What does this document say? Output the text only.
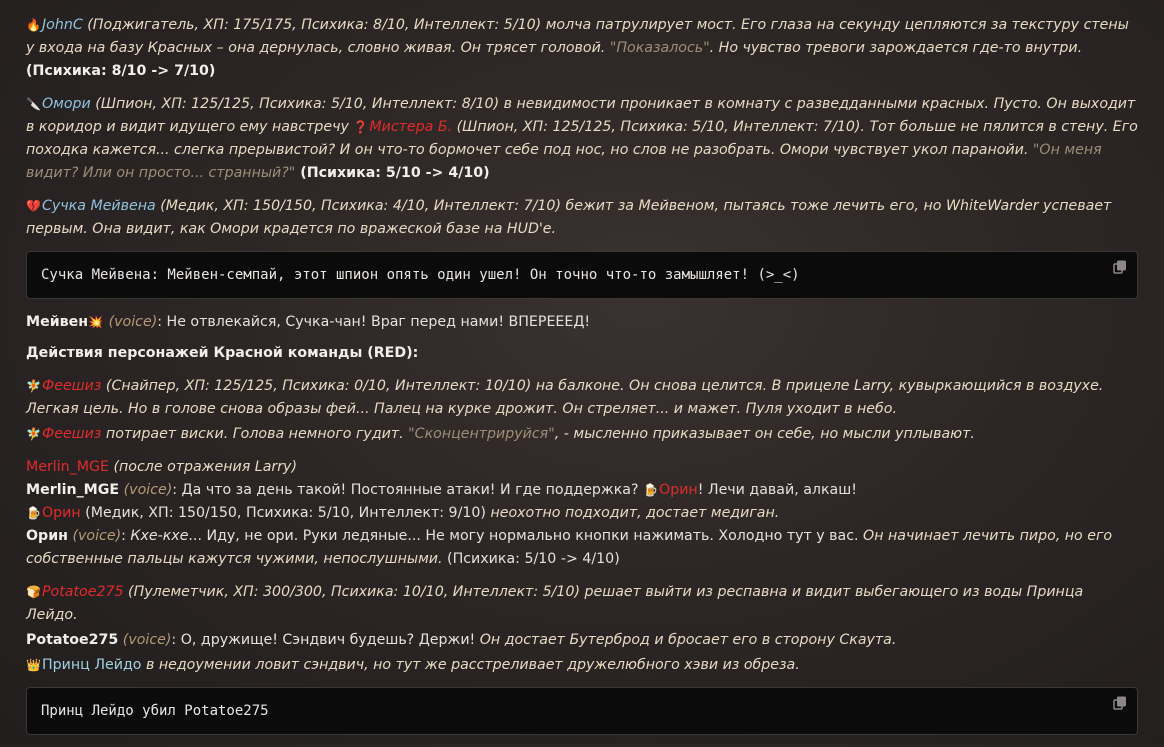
🔥JohnC (Поджигатель, ХП: 175/175, Психика: 8/10, Интеллект: 5/10) молча патрулирует мост. Его глаза на секунду цепляются за текстуру стены у входа на базу Красных – она дернулась, словно живая. Он трясет головой. "Показалось". Но чувство тревоги зарождается где-то внутри. (Психика: 8/10 -> 7/10)

🔪Омори (Шпион, ХП: 125/125, Психика: 5/10, Интеллект: 8/10) в невидимости проникает в комнату с разведданными красных. Пусто. Он выходит в коридор и видит идущего ему навстречу ❓Мистера Б. (Шпион, ХП: 125/125, Психика: 5/10, Интеллект: 7/10). Тот больше не пялится в стену. Его походка кажется... слегка прерывистой? И он что-то бормочет себе под нос, но слов не разобрать. Омори чувствует укол паранойи. "Он меня видит? Или он просто... странный?" (Психика: 5/10 -> 4/10)

💔Сучка Мейвена (Медик, ХП: 150/150, Психика: 4/10, Интеллект: 7/10) бежит за Мейвеном, пытаясь тоже лечить его, но WhiteWarder успевает первым. Она видит, как Омори крадется по вражеской базе на HUD'е.

Сучка Мейвена: Мейвен-семпай, этот шпион опять один ушел! Он точно что-то замышляет! (>_<)

Мейвен💥 (voice): Не отвлекайся, Сучка-чан! Враг перед нами! ВПЕРЕЕЕД!

Действия персонажей Красной команды (RED):

🧚Феешиз (Снайпер, ХП: 125/125, Психика: 0/10, Интеллект: 10/10) на балконе. Он снова целится. В прицеле Larry, кувыркающийся в воздухе. Легкая цель. Но в голове снова образы фей... Палец на курке дрожит. Он стреляет... и мажет. Пуля уходит в небо.
🧚Феешиз потирает виски. Голова немного гудит. "Сконцентрируйся", - мысленно приказывает он себе, но мысли уплывают.

Merlin_MGE (после отражения Larry)
Merlin_MGE (voice): Да что за день такой! Постоянные атаки! И где поддержка? 🍺Орин! Лечи давай, алкаш!
🍺Орин (Медик, ХП: 150/150, Психика: 5/10, Интеллект: 9/10) неохотно подходит, достает медиган.
Орин (voice): Кхе-кхе... Иду, не ори. Руки ледяные... Не могу нормально кнопки нажимать. Холодно тут у вас. Он начинает лечить пиро, но его собственные пальцы кажутся чужими, непослушными. (Психика: 5/10 -> 4/10)

🍞Potatoe275 (Пулеметчик, ХП: 300/300, Психика: 10/10, Интеллект: 5/10) решает выйти из респавна и видит выбегающего из воды Принца Лейдо.
Potatoe275 (voice): О, дружище! Сэндвич будешь? Держи! Он достает Бутерброд и бросает его в сторону Скаута.
👑Принц Лейдо в недоумении ловит сэндвич, но тут же расстреливает дружелюбного хэви из обреза.

Принц Лейдо убил Potatoe275
